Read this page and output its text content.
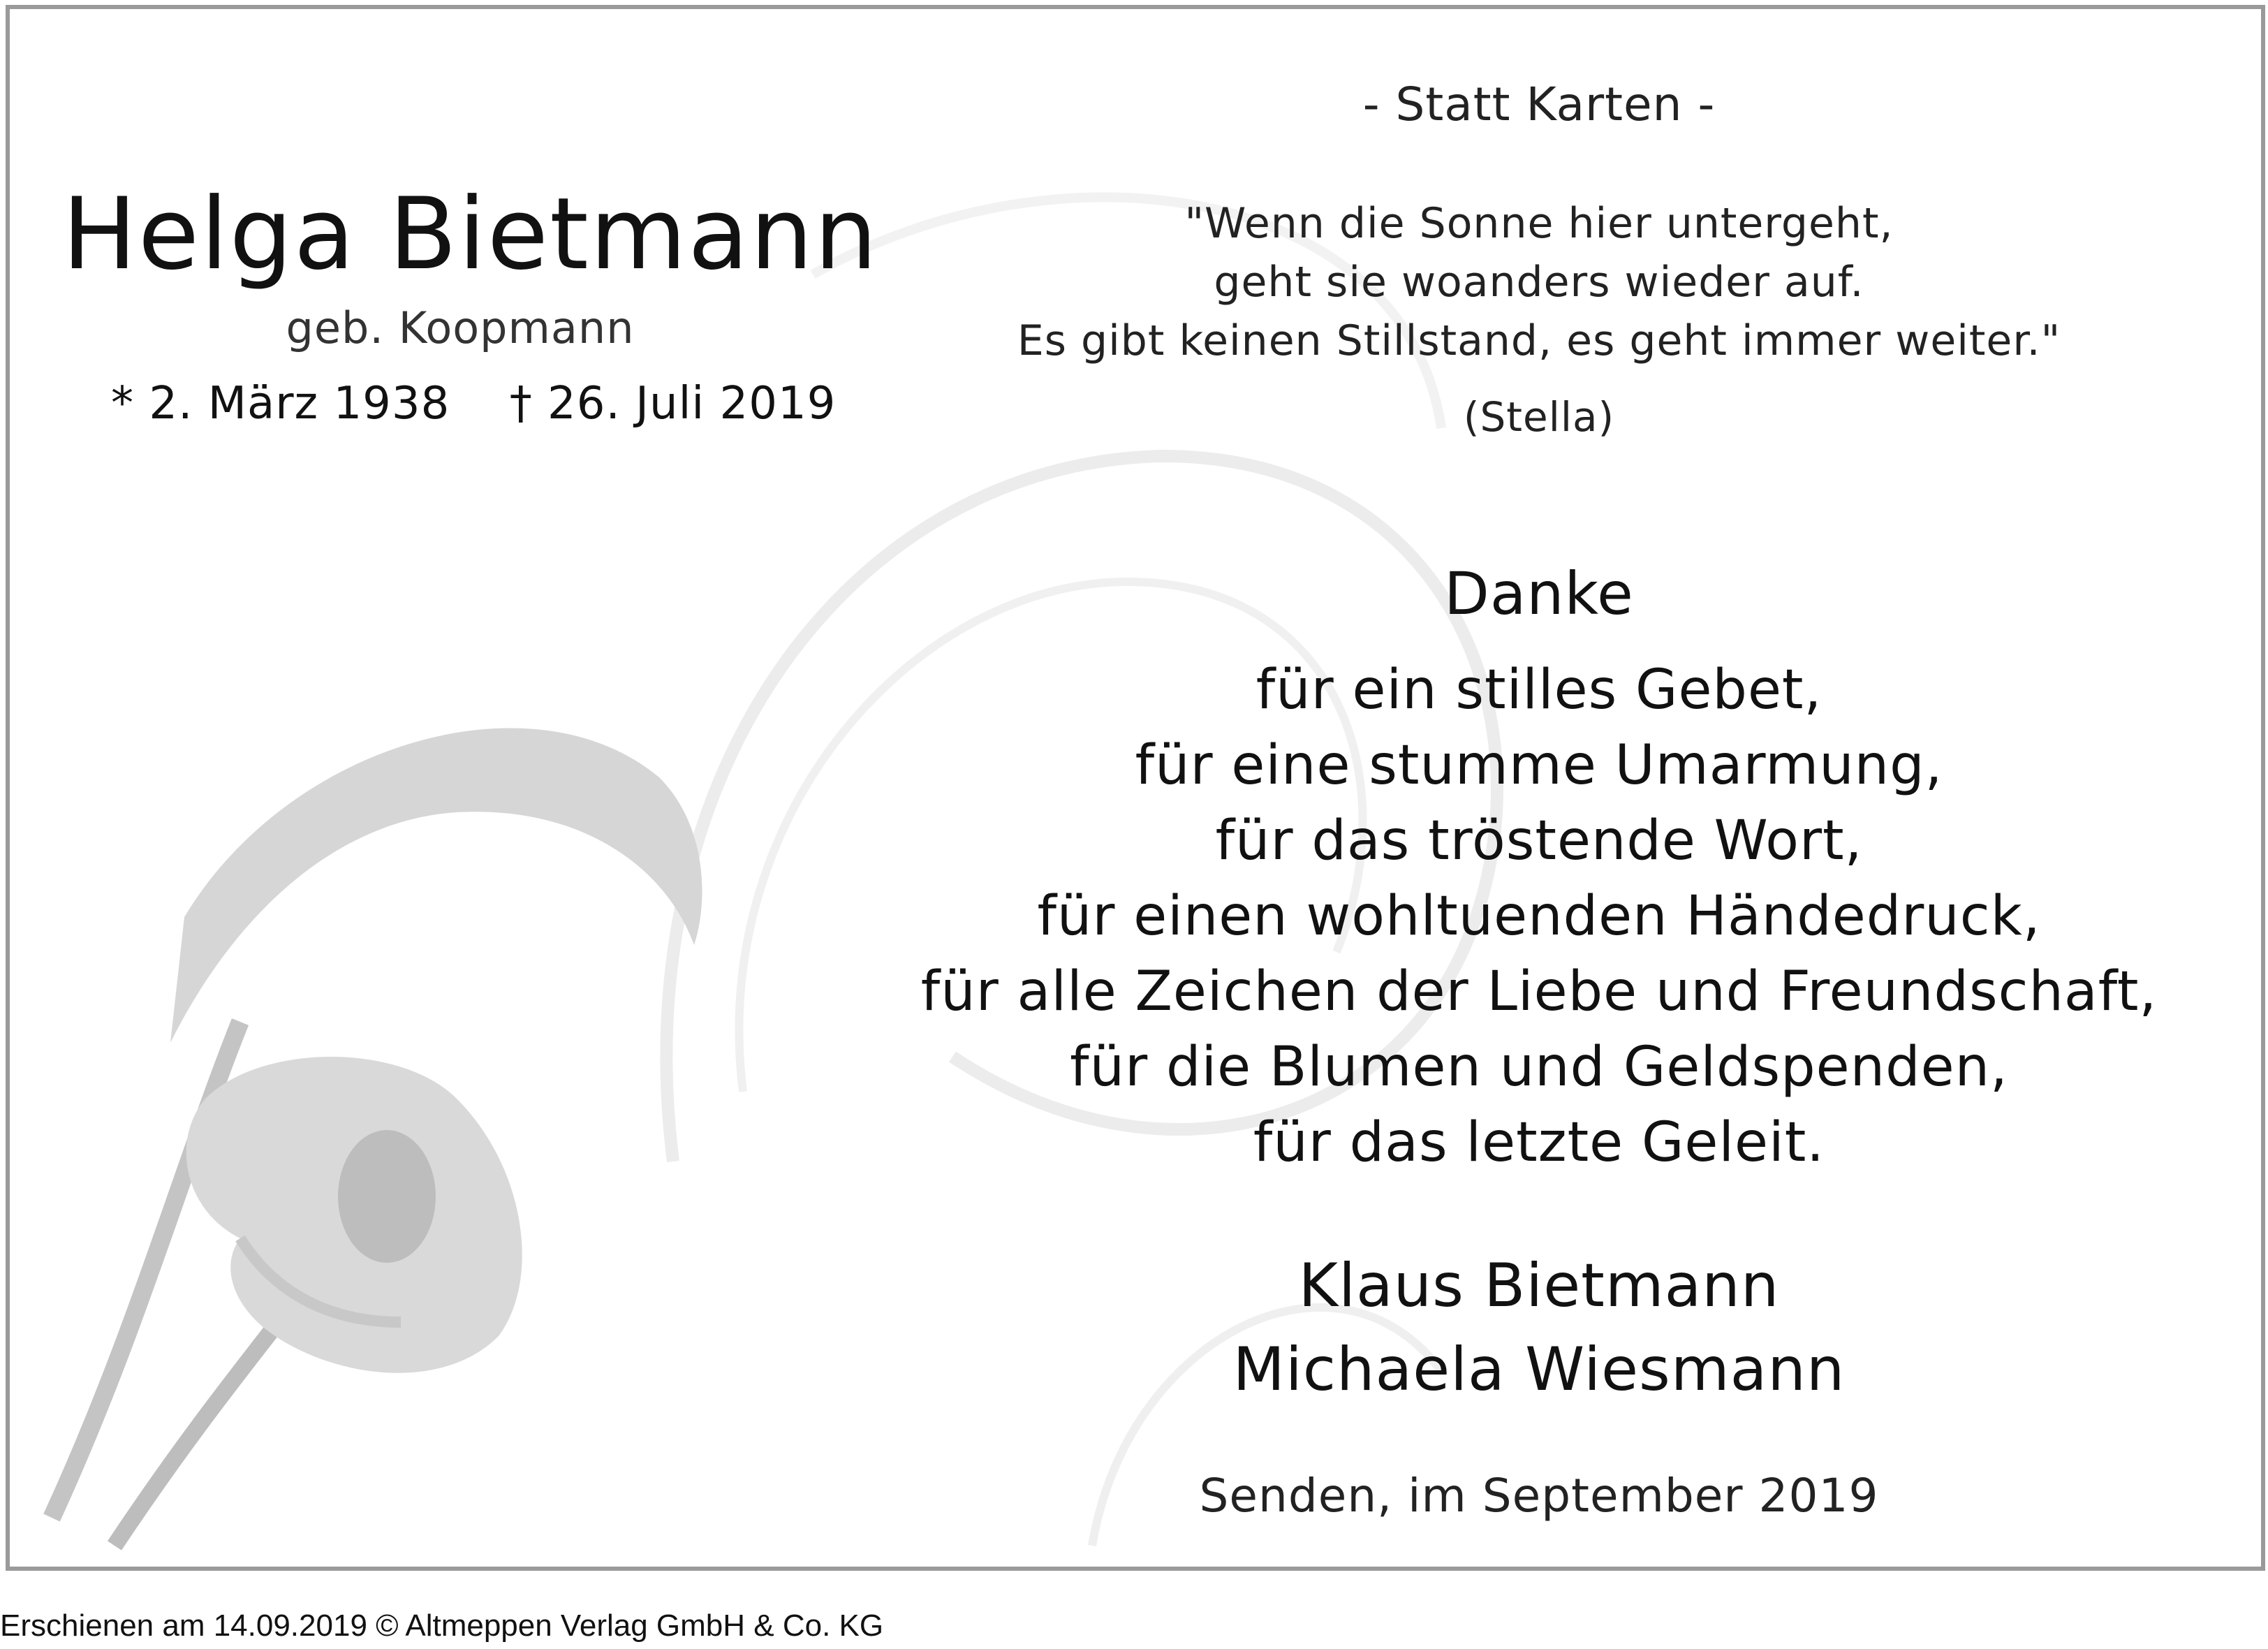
Helga Bietmann
geb. Koopmann
* 2. März 1938    † 26. Juli 2019
- Statt Karten -
"Wenn die Sonne hier untergeht,
geht sie woanders wieder auf.
Es gibt keinen Stillstand, es geht immer weiter."
(Stella)
Danke
für ein stilles Gebet,
für eine stumme Umarmung,
für das tröstende Wort,
für einen wohltuenden Händedruck,
für alle Zeichen der Liebe und Freundschaft,
für die Blumen und Geldspenden,
für das letzte Geleit.
Klaus Bietmann
Michaela Wiesmann
Senden, im September 2019
Erschienen am 14.09.2019 © Altmeppen Verlag GmbH & Co. KG
